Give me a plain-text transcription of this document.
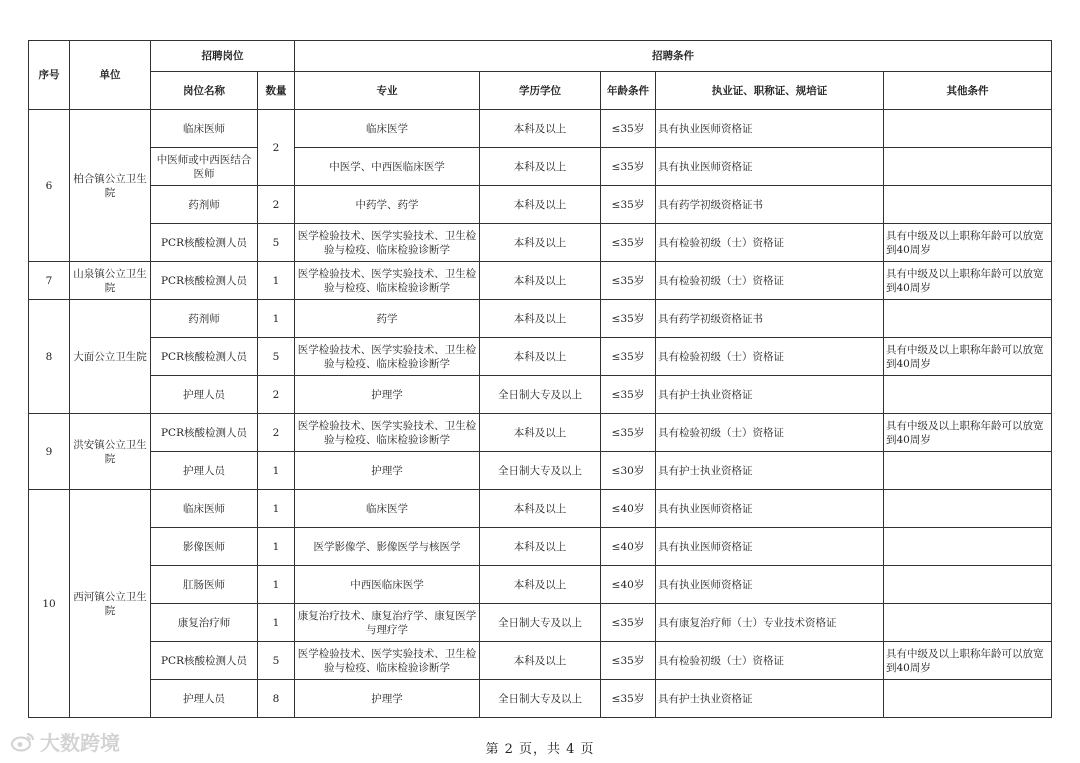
序号	单位	招聘岗位		招聘条件				
		岗位名称	数量	专业	学历学位	年龄条件	执业证、职称证、规培证	其他条件
6	柏合镇公立卫生院	临床医师	2	临床医学	本科及以上	≤35岁	具有执业医师资格证	
		中医师或中西医结合医师		中医学、中西医临床医学	本科及以上	≤35岁	具有执业医师资格证	
		药剂师	2	中药学、药学	本科及以上	≤35岁	具有药学初级资格证书	
		PCR核酸检测人员	5	医学检验技术、医学实验技术、卫生检验与检疫、临床检验诊断学	本科及以上	≤35岁	具有检验初级（士）资格证	具有中级及以上职称年龄可以放宽到40周岁
7	山泉镇公立卫生院	PCR核酸检测人员	1	医学检验技术、医学实验技术、卫生检验与检疫、临床检验诊断学	本科及以上	≤35岁	具有检验初级（士）资格证	具有中级及以上职称年龄可以放宽到40周岁
8	大面公立卫生院	药剂师	1	药学	本科及以上	≤35岁	具有药学初级资格证书	
		PCR核酸检测人员	5	医学检验技术、医学实验技术、卫生检验与检疫、临床检验诊断学	本科及以上	≤35岁	具有检验初级（士）资格证	具有中级及以上职称年龄可以放宽到40周岁
		护理人员	2	护理学	全日制大专及以上	≤35岁	具有护士执业资格证	
9	洪安镇公立卫生院	PCR核酸检测人员	2	医学检验技术、医学实验技术、卫生检验与检疫、临床检验诊断学	本科及以上	≤35岁	具有检验初级（士）资格证	具有中级及以上职称年龄可以放宽到40周岁
		护理人员	1	护理学	全日制大专及以上	≤30岁	具有护士执业资格证	
10	西河镇公立卫生院	临床医师	1	临床医学	本科及以上	≤40岁	具有执业医师资格证	
		影像医师	1	医学影像学、影像医学与核医学	本科及以上	≤40岁	具有执业医师资格证	
		肛肠医师	1	中西医临床医学	本科及以上	≤40岁	具有执业医师资格证	
		康复治疗师	1	康复治疗技术、康复治疗学、康复医学与理疗学	全日制大专及以上	≤35岁	具有康复治疗师（士）专业技术资格证	
		PCR核酸检测人员	5	医学检验技术、医学实验技术、卫生检验与检疫、临床检验诊断学	本科及以上	≤35岁	具有检验初级（士）资格证	具有中级及以上职称年龄可以放宽到40周岁
		护理人员	8	护理学	全日制大专及以上	≤35岁	具有护士执业资格证	
大数跨境	第 2 页，共 4 页
